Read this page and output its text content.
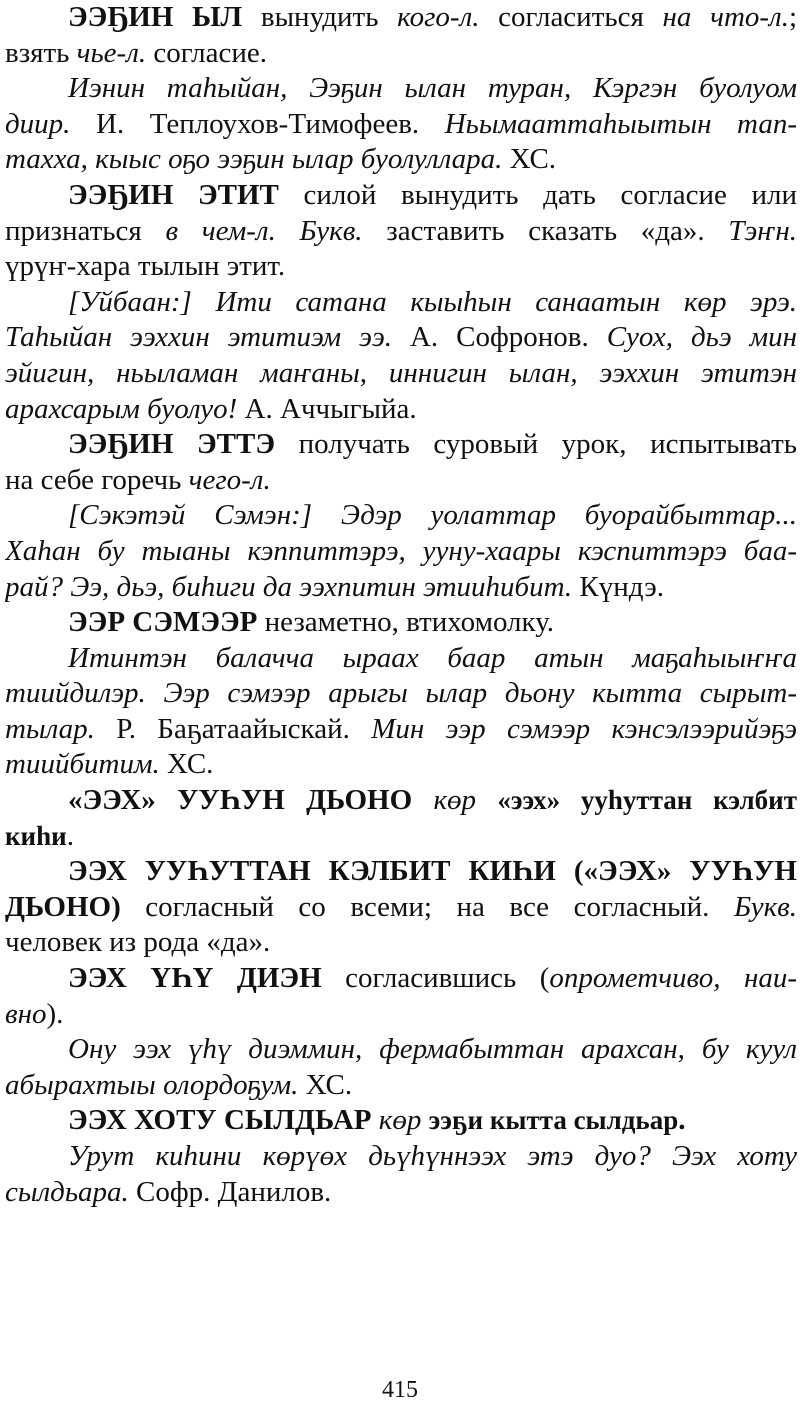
ЭЭҔИН ЫЛ вынудить кого-л. согласиться на что-л.;
взять чье-л. согласие.
Иэнин таһыйан, Ээҕин ылан туран, Кэргэн буолуом
диир. И. Теплоухов-Тимофеев. Ньымааттаһыытын тап-
тахха, кыыс оҕо ээҕин ылар буолуллара. ХС.
ЭЭҔИН ЭТИТ силой вынудить дать согласие или
признаться в чем-л. Букв. заставить сказать «да». Тэҥн.
үрүҥ-хара тылын этит.
[Уйбаан:] Ити сатана кыыһын санаатын көр эрэ.
Таһыйан ээххин этитиэм ээ. А. Софронов. Суох, дьэ мин
эйигин, ньыламан маҥаны, иннигин ылан, ээххин этитэн
арахсарым буолуо! А. Аччыгыйа.
ЭЭҔИН ЭТТЭ получать суровый урок, испытывать
на себе горечь чего-л.
[Сэкэтэй Сэмэн:] Эдэр уолаттар буорайбыттар...
Хаһан бу тыаны кэппиттэрэ, ууну-хаары кэспиттэрэ баа-
рай? Ээ, дьэ, биһиги да ээхпитин этииһибит. Күндэ.
ЭЭР СЭМЭЭР незаметно, втихомолку.
Итинтэн балачча ыраах баар атын маҕаһыыҥҥа
тиийдилэр. Ээр сэмээр арыгы ылар дьону кытта сырыт-
тылар. Р. Баҕатаайыскай. Мин ээр сэмээр кэнсэлээрийэҕэ
тиийбитим. ХС.
«ЭЭХ» УУҺУН ДЬОНО көр «ээх» ууһуттан кэлбит
киһи.
ЭЭХ УУҺУТТАН КЭЛБИТ КИҺИ («ЭЭХ» УУҺУН
ДЬОНО) согласный со всеми; на все согласный. Букв.
человек из рода «да».
ЭЭХ ҮҺҮ ДИЭН согласившись (опрометчиво, наи-
вно).
Ону ээх үһү диэммин, фермабыттан арахсан, бу куул
абырахтыы олордоҕум. ХС.
ЭЭХ ХОТУ СЫЛДЬАР көр ээҕи кытта сылдьар.
Урут киһини көрүөх дьүһүннээх этэ дуо? Ээх хоту
сылдьара. Софр. Данилов.
415
